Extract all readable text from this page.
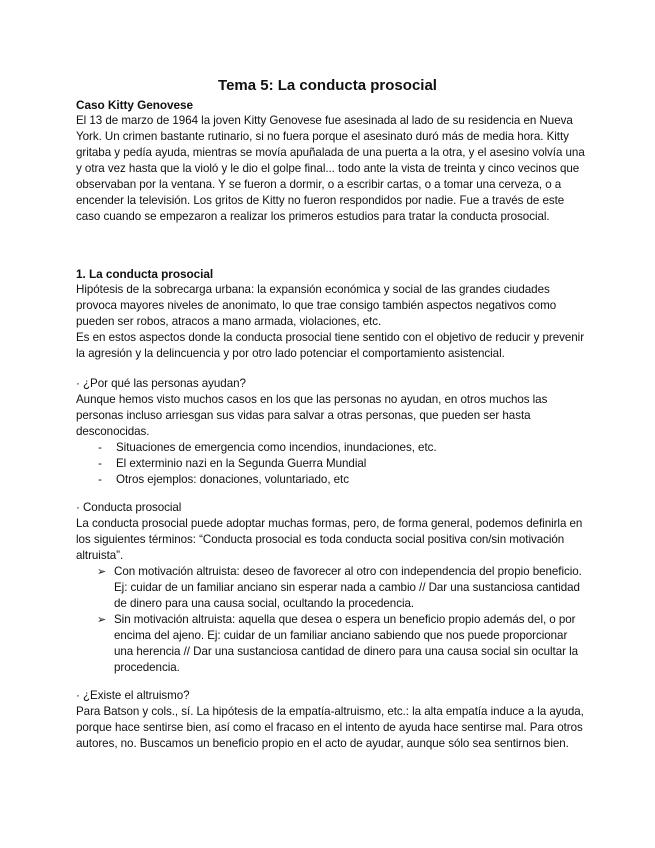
Tema 5: La conducta prosocial

Caso Kitty Genovese

El 13 de marzo de 1964 la joven Kitty Genovese fue asesinada al lado de su residencia en Nueva York. Un crimen bastante rutinario, si no fuera porque el asesinato duró más de media hora. Kitty gritaba y pedía ayuda, mientras se movía apuñalada de una puerta a la otra, y el asesino volvía una y otra vez hasta que la violó y le dio el golpe final... todo ante la vista de treinta y cinco vecinos que observaban por la ventana. Y se fueron a dormir, o a escribir cartas, o a tomar una cerveza, o a encender la televisión. Los gritos de Kitty no fueron respondidos por nadie. Fue a través de este caso cuando se empezaron a realizar los primeros estudios para tratar la conducta prosocial.

1. La conducta prosocial

Hipótesis de la sobrecarga urbana: la expansión económica y social de las grandes ciudades provoca mayores niveles de anonimato, lo que trae consigo también aspectos negativos como pueden ser robos, atracos a mano armada, violaciones, etc.

Es en estos aspectos donde la conducta prosocial tiene sentido con el objetivo de reducir y prevenir la agresión y la delincuencia y por otro lado potenciar el comportamiento asistencial.

· ¿Por qué las personas ayudan?

Aunque hemos visto muchos casos en los que las personas no ayudan, en otros muchos las personas incluso arriesgan sus vidas para salvar a otras personas, que pueden ser hasta desconocidas.

- Situaciones de emergencia como incendios, inundaciones, etc.
- El exterminio nazi en la Segunda Guerra Mundial
- Otros ejemplos: donaciones, voluntariado, etc

· Conducta prosocial

La conducta prosocial puede adoptar muchas formas, pero, de forma general, podemos definirla en los siguientes términos: “Conducta prosocial es toda conducta social positiva con/sin motivación altruista”.

➢ Con motivación altruista: deseo de favorecer al otro con independencia del propio beneficio. Ej: cuidar de un familiar anciano sin esperar nada a cambio // Dar una sustanciosa cantidad de dinero para una causa social, ocultando la procedencia.
➢ Sin motivación altruista: aquella que desea o espera un beneficio propio además del, o por encima del ajeno. Ej: cuidar de un familiar anciano sabiendo que nos puede proporcionar una herencia // Dar una sustanciosa cantidad de dinero para una causa social sin ocultar la procedencia.

· ¿Existe el altruismo?

Para Batson y cols., sí. La hipótesis de la empatía-altruismo, etc.: la alta empatía induce a la ayuda, porque hace sentirse bien, así como el fracaso en el intento de ayuda hace sentirse mal. Para otros autores, no. Buscamos un beneficio propio en el acto de ayudar, aunque sólo sea sentirnos bien.
